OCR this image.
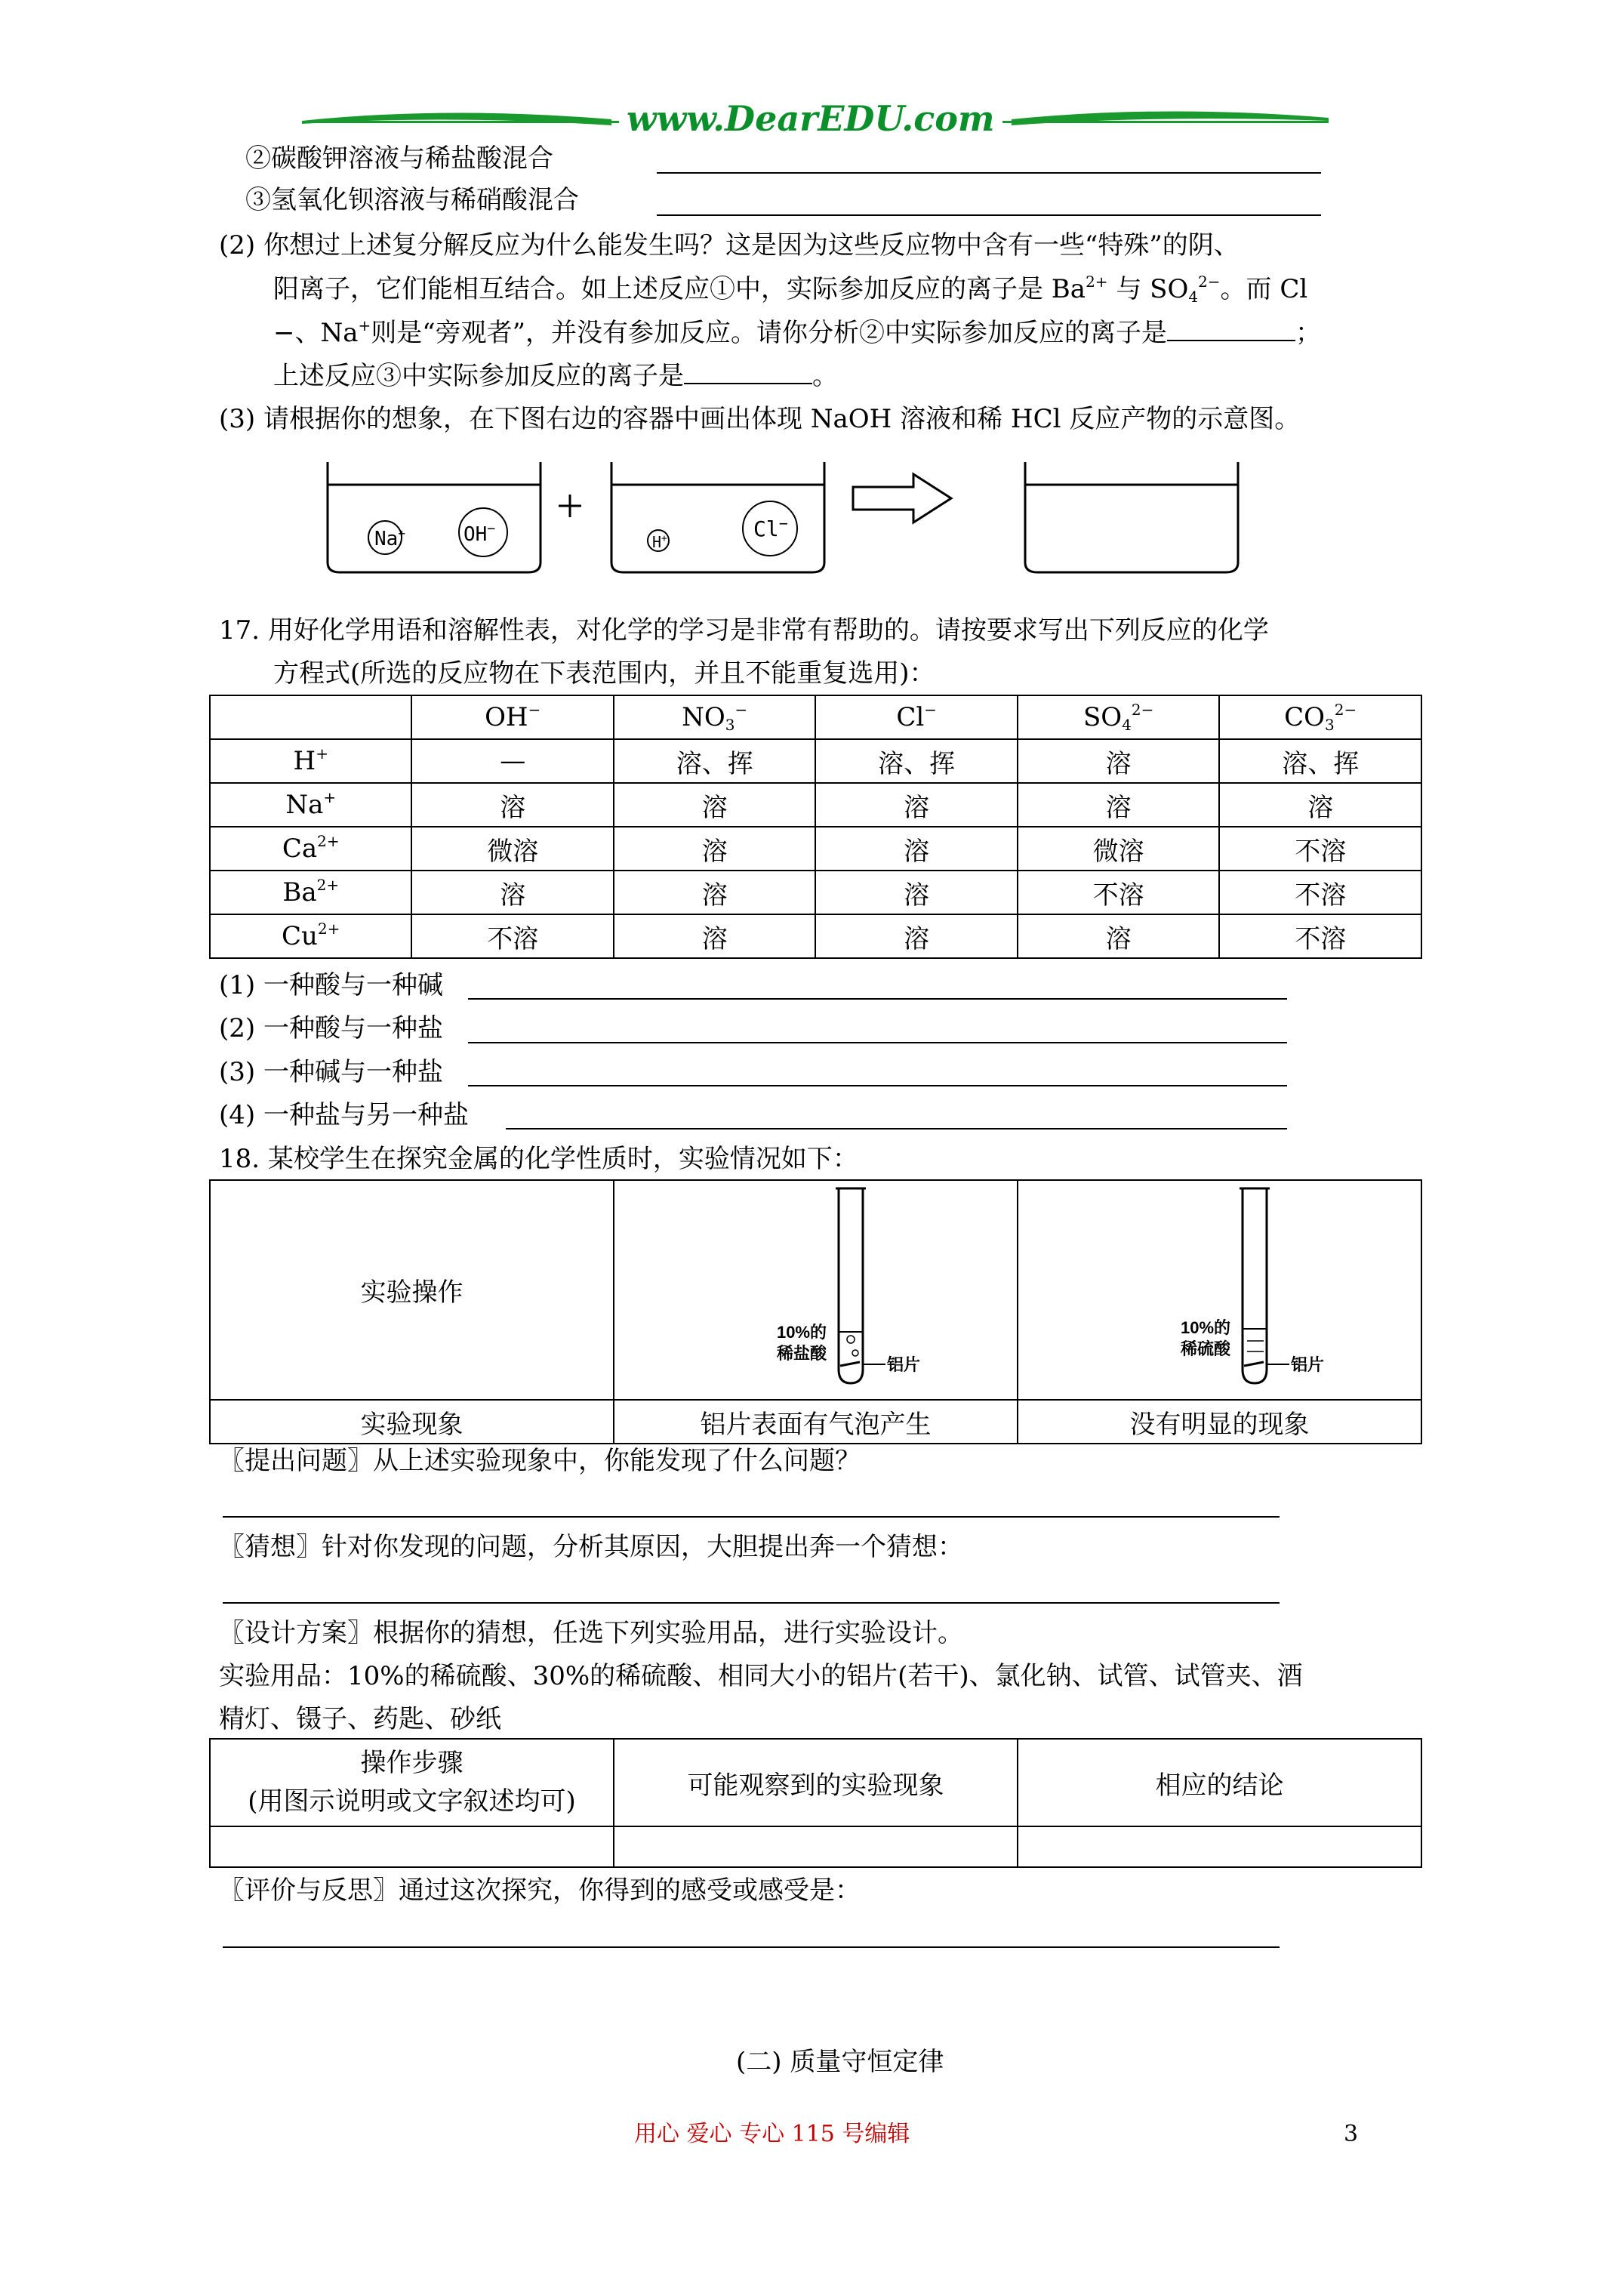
www.DearEDU.com
②碳酸钾溶液与稀盐酸混合
③氢氧化钡溶液与稀硝酸混合
(2) 你想过上述复分解反应为什么能发生吗？这是因为这些反应物中含有一些“特殊”的阴、
阳离子，它们能相互结合。如上述反应①中，实际参加反应的离子是 $Ba^{2+}$ 与 $SO_4^{2-}$。而 Cl
−、Na+则是“旁观者”，并没有参加反应。请你分析②中实际参加反应的离子是	；
上述反应③中实际参加反应的离子是	。
(3) 请根据你的想象，在下图右边的容器中画出体现 NaOH 溶液和稀 HCl 反应产物的示意图。
Na+	OH−
H+	Cl−
17. 用好化学用语和溶解性表，对化学的学习是非常有帮助的。请按要求写出下列反应的化学
方程式(所选的反应物在下表范围内，并且不能重复选用)：
	OH−	$NO_3^-$	Cl−	$SO_4^{2-}$	$CO_3^{2-}$
H+	—	溶、挥	溶、挥	溶	溶、挥
Na+	溶	溶	溶	溶	溶
$Ca^{2+}$	微溶	溶	溶	微溶	不溶
$Ba^{2+}$	溶	溶	溶	不溶	不溶
$Cu^{2+}$	不溶	溶	溶	溶	不溶
(1) 一种酸与一种碱
(2) 一种酸与一种盐
(3) 一种碱与一种盐
(4) 一种盐与另一种盐
18. 某校学生在探究金属的化学性质时，实验情况如下：
实验操作	10%的
稀盐酸
铝片	10%的
稀硫酸
铝片

实验现象	铝片表面有气泡产生	没有明显的现象
〖提出问题〗从上述实验现象中，你能发现了什么问题？
〖猜想〗针对你发现的问题，分析其原因，大胆提出奔一个猜想：
〖设计方案〗根据你的猜想，任选下列实验用品，进行实验设计。
实验用品：10%的稀硫酸、30%的稀硫酸、相同大小的铝片(若干)、氯化钠、试管、试管夹、酒
精灯、镊子、药匙、砂纸
操作步骤
(用图示说明或文字叙述均可)	可能观察到的实验现象	相应的结论

〖评价与反思〗通过这次探究，你得到的感受或感受是：
(二) 质量守恒定律
用心 爱心 专心 115 号编辑	3
